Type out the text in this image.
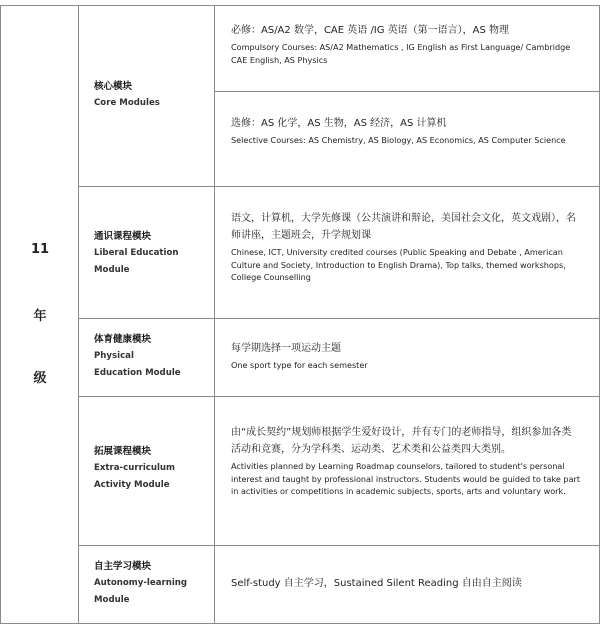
11
年
级
核心模块
Core Modules
通识课程模块
Liberal Education
Module
体育健康模块
Physical
Education Module
拓展课程模块
Extra-curriculum
Activity Module
自主学习模块
Autonomy-learning
Module
必修：AS/A2 数学，CAE 英语 /IG 英语（第一语言），AS 物理
Compulsory Courses: AS/A2 Mathematics , IG English as First Language/ Cambridge CAE English, AS Physics
选修：AS 化学，AS 生物，AS 经济，AS 计算机
Selective Courses: AS Chemistry, AS Biology, AS Economics, AS Computer Science
语文，计算机，大学先修课（公共演讲和辩论，美国社会文化，英文戏剧），名师讲座，主题班会，升学规划课
Chinese, ICT, University credited courses (Public Speaking and Debate , American Culture and Society, Introduction to English Drama), Top talks, themed workshops，College Counselling
每学期选择一项运动主题
One sport type for each semester
由“成长契约”规划师根据学生爱好设计，并有专门的老师指导，组织参加各类活动和竞赛，分为学科类、运动类、艺术类和公益类四大类别。
Activities planned by Learning Roadmap counselors, tailored to student's personal interest and taught by professional instructors. Students would be guided to take part in activities or competitions in academic subjects, sports, arts and voluntary work.
Self-study 自主学习，Sustained Silent Reading 自由自主阅读
